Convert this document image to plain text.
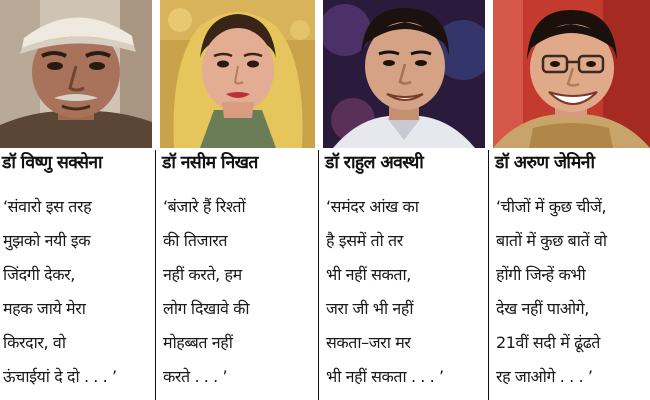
डॉ विष्णु सक्सेना
‘संवारो इस तरह
मुझको नयी इक
जिंदगी देकर,
महक जाये मेरा
किरदार, वो
ऊंचाईयां दे दो . . . ’
डॉ नसीम निखत
‘बंजारे हैं रिश्तों
की तिजारत
नहीं करते, हम
लोग दिखावे की
मोहब्बत नहीं
करते . . . ’
डॉ राहुल अवस्थी
‘समंदर आंख का
है इसमें तो तर
भी नहीं सकता,
जरा जी भी नहीं
सकता–जरा मर
भी नहीं सकता . . . ’
डॉ अरुण जेमिनी
‘चीजों में कुछ चीजें,
बातों में कुछ बातें वो
होंगी जिन्हें कभी
देख नहीं पाओगे,
21वीं सदी में ढूंढते
रह जाओगे . . . ’
